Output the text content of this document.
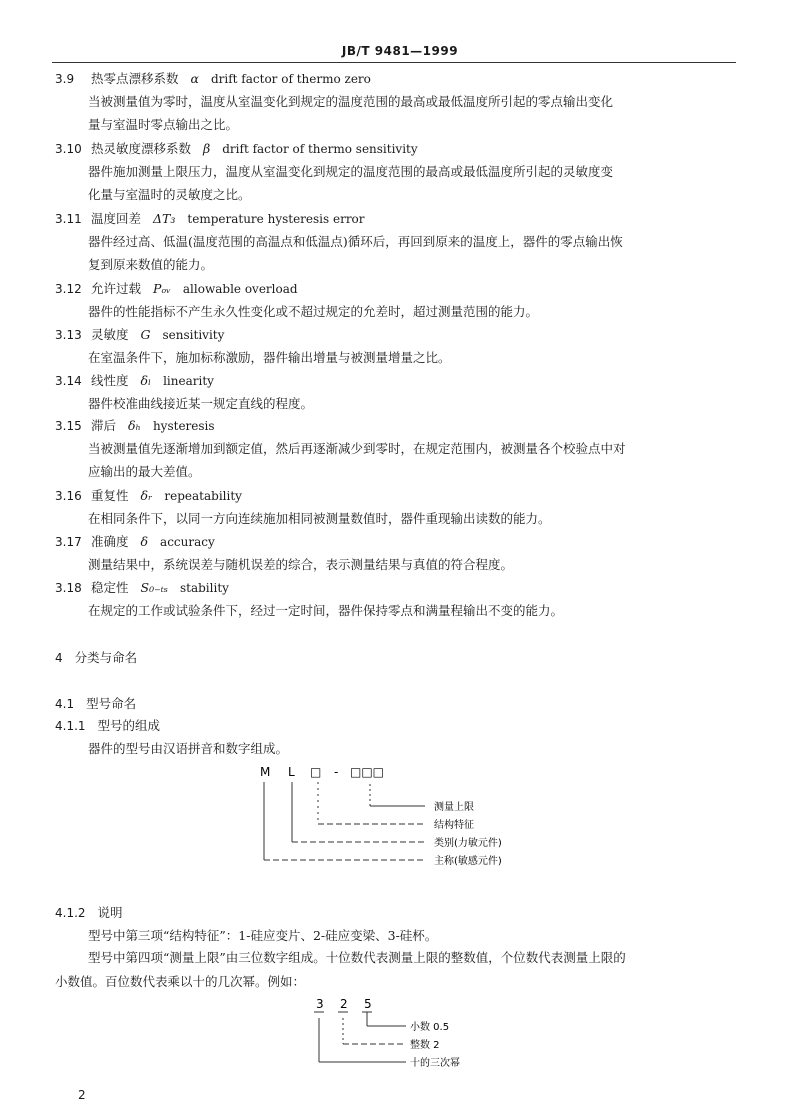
JB/T 9481—1999
3.9 热零点漂移系数 α drift factor of thermo zero

当被测量值为零时，温度从室温变化到规定的温度范围的最高或最低温度所引起的零点输出变化

量与室温时零点输出之比。

3.10 热灵敏度漂移系数 β drift factor of thermo sensitivity

器件施加测量上限压力，温度从室温变化到规定的温度范围的最高或最低温度所引起的灵敏度变

化量与室温时的灵敏度之比。

3.11 温度回差 ΔT₃ temperature hysteresis error

器件经过高、低温(温度范围的高温点和低温点)循环后，再回到原来的温度上，器件的零点输出恢

复到原来数值的能力。

3.12 允许过载 Pₒᵥ allowable overload

器件的性能指标不产生永久性变化或不超过规定的允差时，超过测量范围的能力。

3.13 灵敏度 G sensitivity

在室温条件下，施加标称激励，器件输出增量与被测量增量之比。

3.14 线性度 δₗ linearity

器件校准曲线接近某一规定直线的程度。

3.15 滞后 δₕ hysteresis

当被测量值先逐渐增加到额定值，然后再逐渐减少到零时，在规定范围内，被测量各个校验点中对

应输出的最大差值。

3.16 重复性 δᵣ repeatability

在相同条件下，以同一方向连续施加相同被测量数值时，器件重现输出读数的能力。

3.17 准确度 δ accuracy

测量结果中，系统误差与随机误差的综合，表示测量结果与真值的符合程度。

3.18 稳定性 S₀₋ₜₛ stability

在规定的工作或试验条件下，经过一定时间，器件保持零点和满量程输出不变的能力。

4 分类与命名
4.1 型号命名
4.1.1 型号的组成
器件的型号由汉语拼音和数字组成。
M L □ - □□□
测量上限
结构特征
类别(力敏元件)
主称(敏感元件)
4.1.2 说明
型号中第三项“结构特征”：1-硅应变片、2-硅应变梁、3-硅杯。

型号中第四项“测量上限”由三位数字组成。十位数代表测量上限的整数值，个位数代表测量上限的

小数值。百位数代表乘以十的几次幂。例如：

3 2 5
小数 0.5
整数 2
十的三次幂
2
